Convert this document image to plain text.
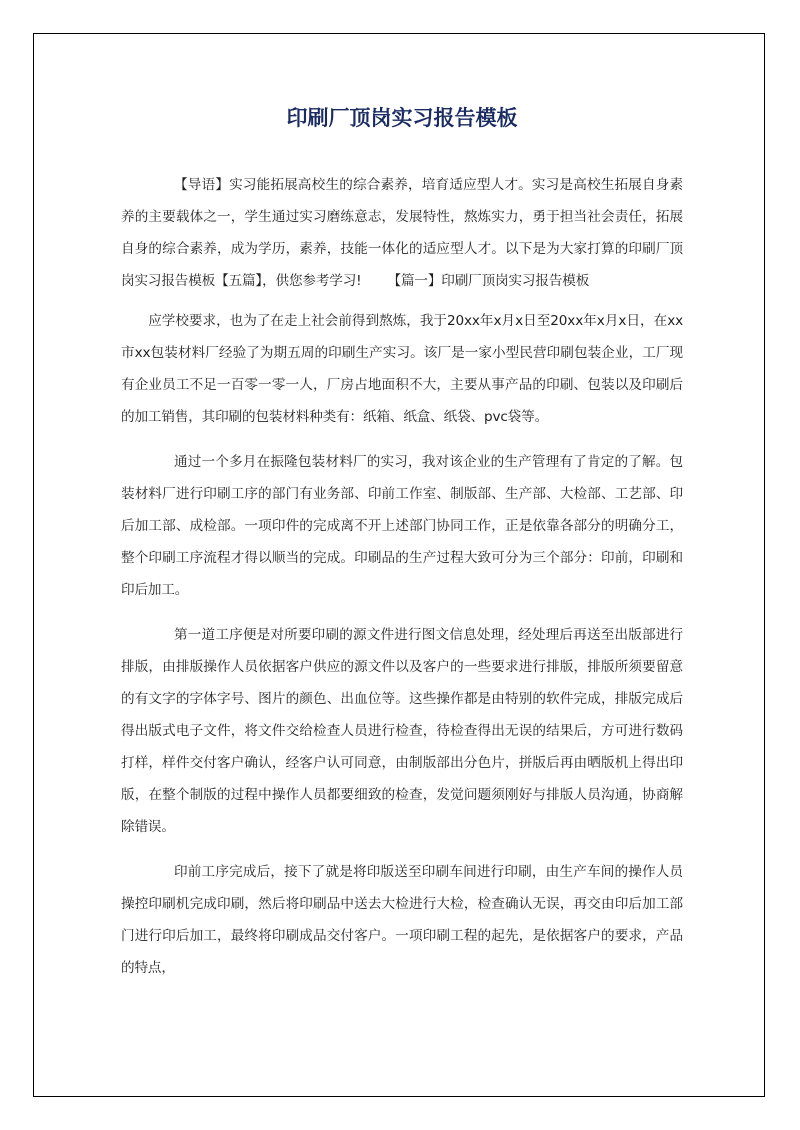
印刷厂顶岗实习报告模板

【导语】实习能拓展高校生的综合素养，培育适应型人才。实习是高校生拓展自身素养的主要载体之一，学生通过实习磨练意志，发展特性，熬炼实力，勇于担当社会责任，拓展自身的综合素养，成为学历，素养，技能一体化的适应型人才。以下是为大家打算的印刷厂顶岗实习报告模板【五篇】，供您参考学习! 【篇一】印刷厂顶岗实习报告模板

应学校要求，也为了在走上社会前得到熬炼，我于20xx年x月x日至20xx年x月x日，在xx市xx包装材料厂经验了为期五周的印刷生产实习。该厂是一家小型民营印刷包装企业，工厂现有企业员工不足一百零一零一人，厂房占地面积不大，主要从事产品的印刷、包装以及印刷后的加工销售，其印刷的包装材料种类有：纸箱、纸盒、纸袋、pvc袋等。

通过一个多月在振隆包装材料厂的实习，我对该企业的生产管理有了肯定的了解。包装材料厂进行印刷工序的部门有业务部、印前工作室、制版部、生产部、大检部、工艺部、印后加工部、成检部。一项印件的完成离不开上述部门协同工作，正是依靠各部分的明确分工，整个印刷工序流程才得以顺当的完成。印刷品的生产过程大致可分为三个部分：印前，印刷和印后加工。

第一道工序便是对所要印刷的源文件进行图文信息处理，经处理后再送至出版部进行排版，由排版操作人员依据客户供应的源文件以及客户的一些要求进行排版，排版所须要留意的有文字的字体字号、图片的颜色、出血位等。这些操作都是由特别的软件完成，排版完成后得出版式电子文件，将文件交给检查人员进行检查，待检查得出无误的结果后，方可进行数码打样，样件交付客户确认，经客户认可同意，由制版部出分色片，拼版后再由晒版机上得出印版，在整个制版的过程中操作人员都要细致的检查，发觉问题须刚好与排版人员沟通，协商解除错误。

印前工序完成后，接下了就是将印版送至印刷车间进行印刷，由生产车间的操作人员操控印刷机完成印刷，然后将印刷品中送去大检进行大检，检查确认无误，再交由印后加工部门进行印后加工，最终将印刷成品交付客户。一项印刷工程的起先，是依据客户的要求，产品的特点，
